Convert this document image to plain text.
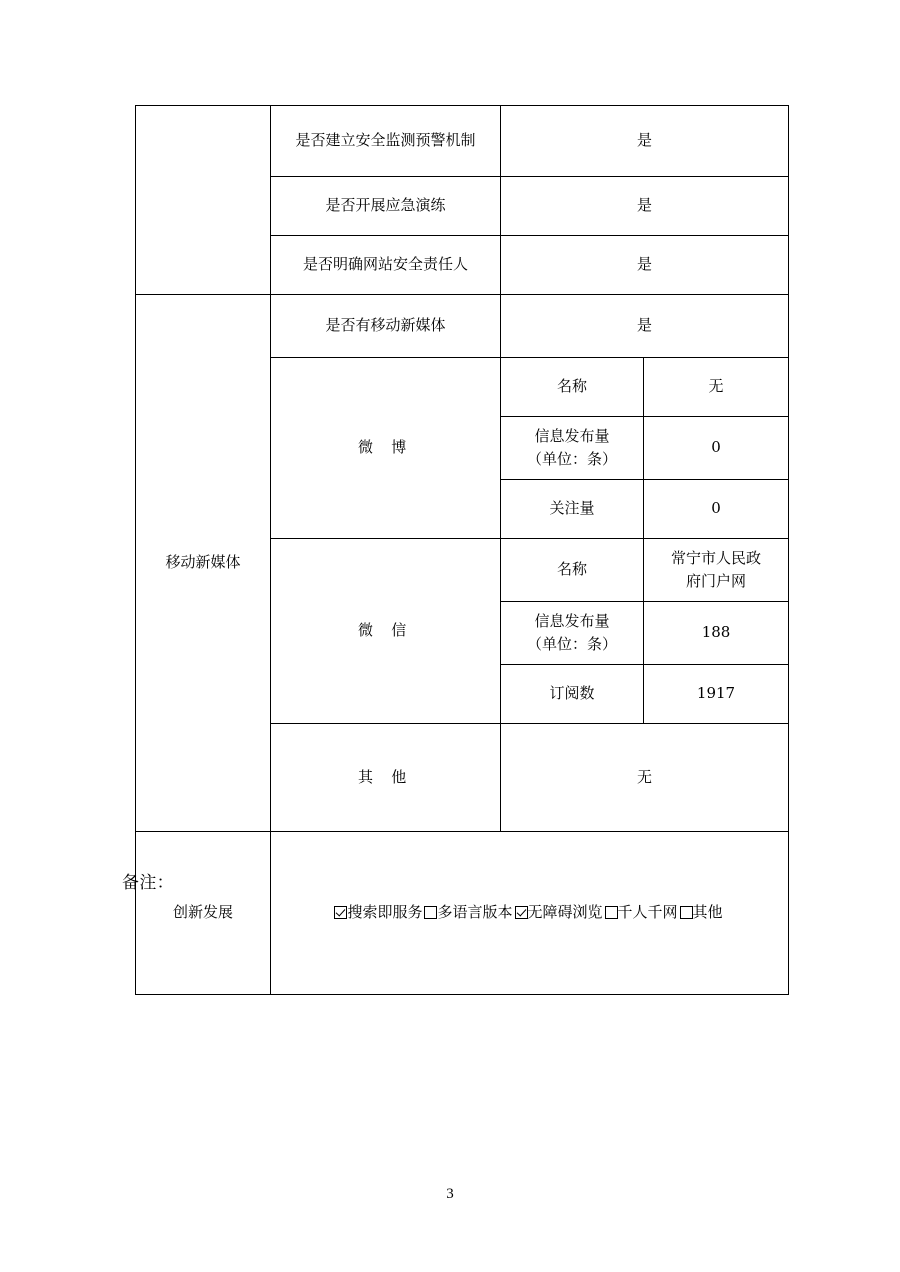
	是否建立安全监测预警机制	是	
	是否开展应急演练	是	
	是否明确网站安全责任人	是	
移动新媒体	是否有移动新媒体	是	
	微 博	名称	无

		信息发布量
（单位：条）	0
		关注量	0
	微 信	名称	常宁市人民政
府门户网

		信息发布量
（单位：条）	188
		订阅数	1917
	其 他	无	
创新发展	搜索即服务 多语言版本 无障碍浏览 千人千网 其他		
备注：
3
